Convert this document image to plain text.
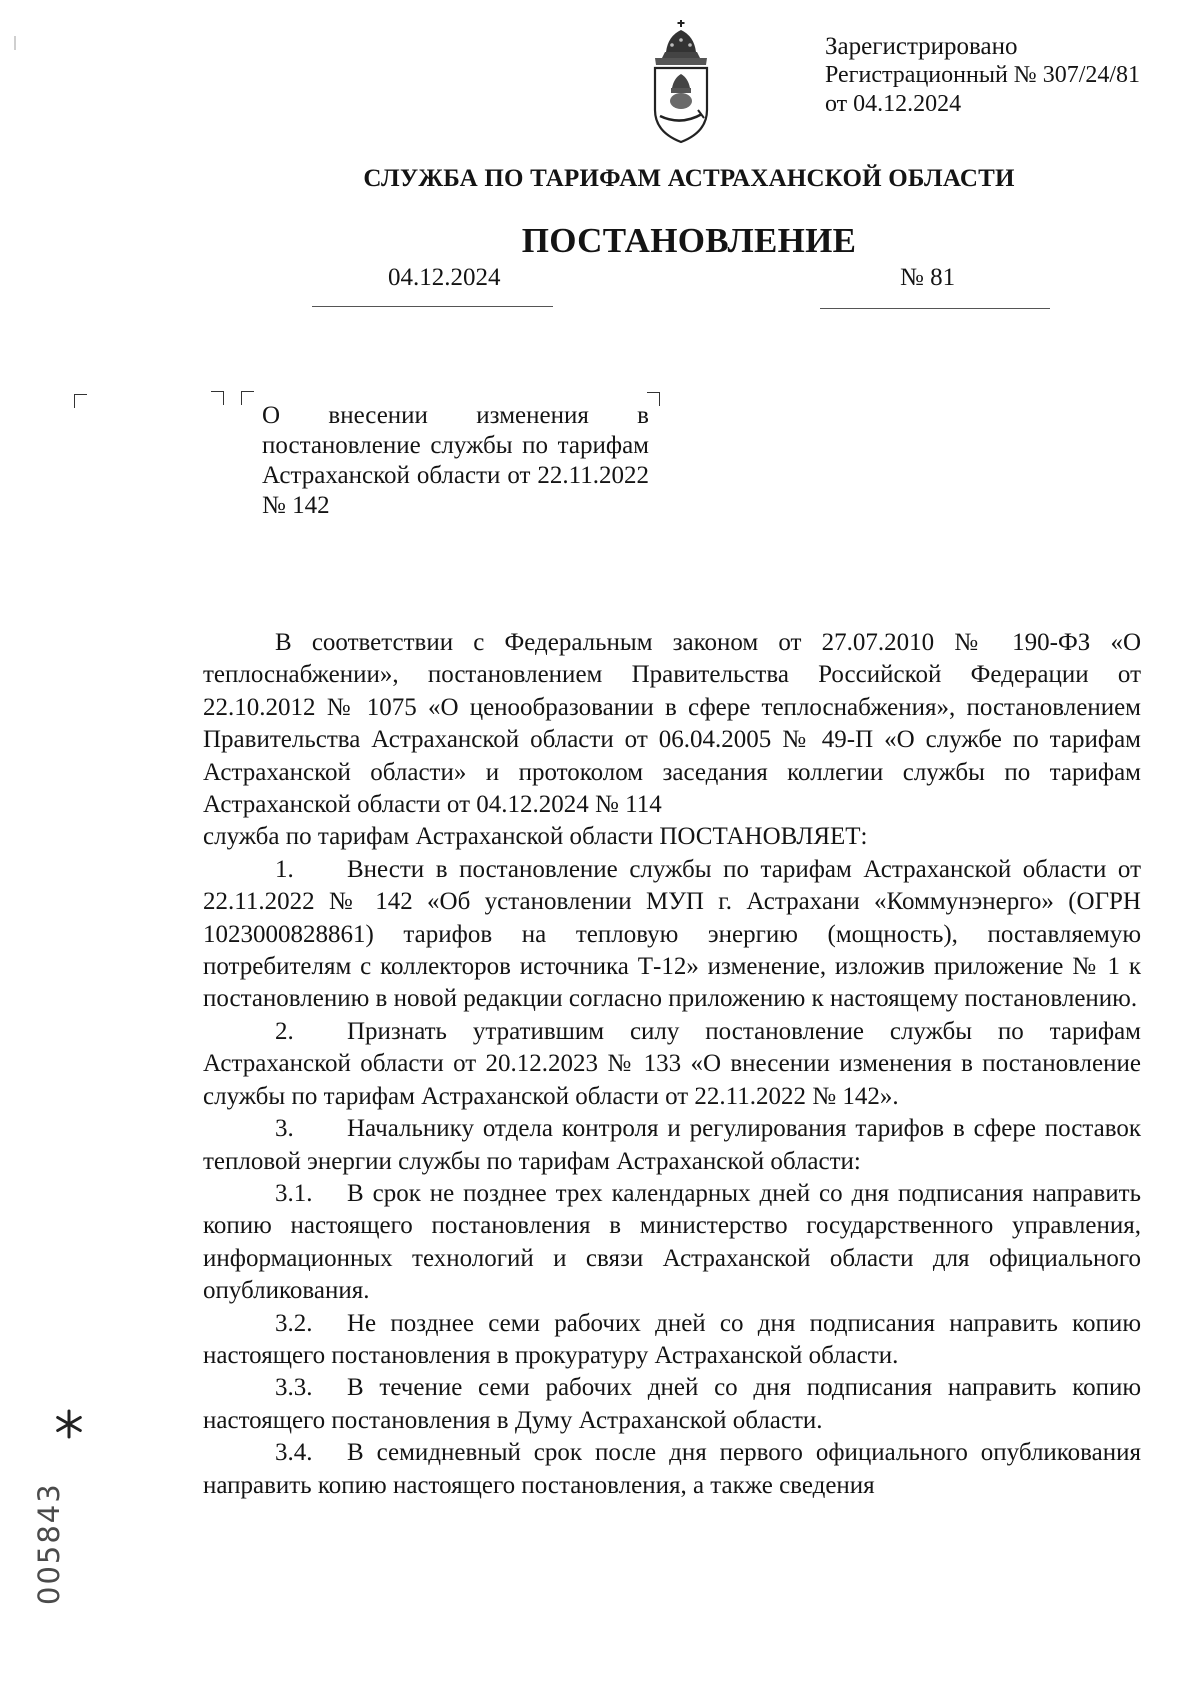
Зарегистрировано
Регистрационный № 307/24/81
от 04.12.2024
СЛУЖБА ПО ТАРИФАМ АСТРАХАНСКОЙ ОБЛАСТИ
ПОСТАНОВЛЕНИЕ
04.12.2024	№ 81
О внесении изменения в постановление службы по тарифам Астраханской области от 22.11.2022 № 142

В соответствии с Федеральным законом от 27.07.2010 № 190-ФЗ «О теплоснабжении», постановлением Правительства Российской Федерации от 22.10.2012 № 1075 «О ценообразовании в сфере теплоснабжения», постановлением Правительства Астраханской области от 06.04.2005 № 49-П «О службе по тарифам Астраханской области» и протоколом заседания коллегии службы по тарифам Астраханской области от 04.12.2024 № 114

служба по тарифам Астраханской области ПОСТАНОВЛЯЕТ:

1. Внести в постановление службы по тарифам Астраханской области от 22.11.2022 № 142 «Об установлении МУП г. Астрахани «Коммунэнерго» (ОГРН 1023000828861) тарифов на тепловую энергию (мощность), поставляемую потребителям с коллекторов источника Т-12» изменение, изложив приложение № 1 к постановлению в новой редакции согласно приложению к настоящему постановлению.

2. Признать утратившим силу постановление службы по тарифам Астраханской области от 20.12.2023 № 133 «О внесении изменения в постановление службы по тарифам Астраханской области от 22.11.2022 № 142».

3. Начальнику отдела контроля и регулирования тарифов в сфере поставок тепловой энергии службы по тарифам Астраханской области:

3.1. В срок не позднее трех календарных дней со дня подписания направить копию настоящего постановления в министерство государственного управления, информационных технологий и связи Астраханской области для официального опубликования.

3.2. Не позднее семи рабочих дней со дня подписания направить копию настоящего постановления в прокуратуру Астраханской области.

3.3. В течение семи рабочих дней со дня подписания направить копию настоящего постановления в Думу Астраханской области.

3.4. В семидневный срок после дня первого официального опубликования направить копию настоящего постановления, а также сведения

005843
